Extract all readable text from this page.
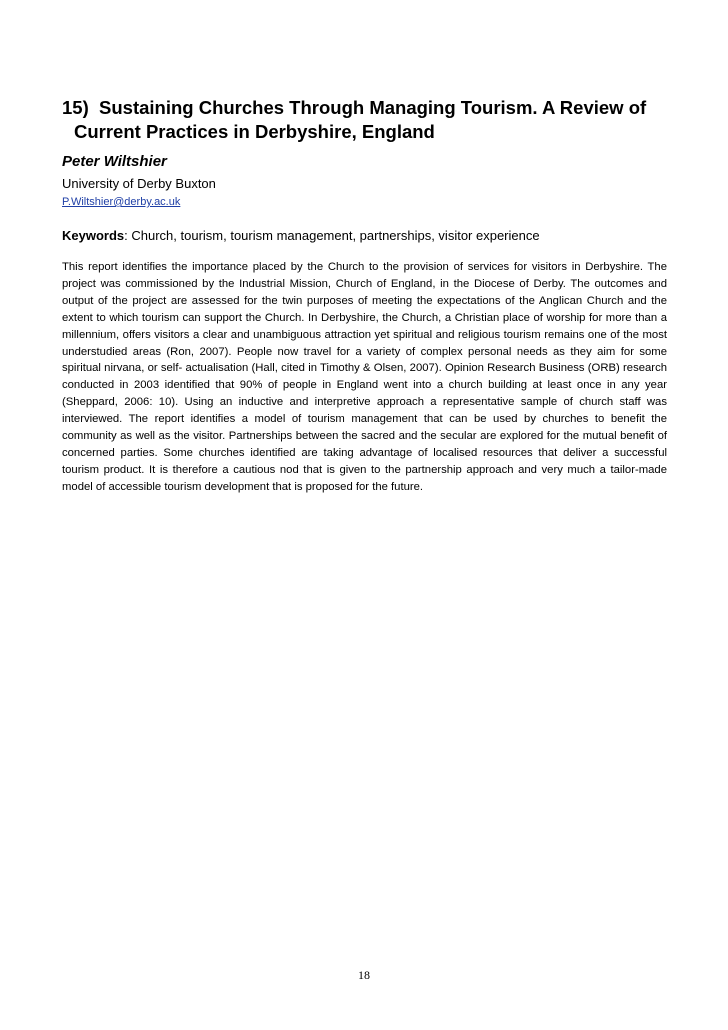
15)  Sustaining Churches Through Managing Tourism. A Review of Current Practices in Derbyshire, England
Peter Wiltshier
University of Derby Buxton
P.Wiltshier@derby.ac.uk
Keywords: Church, tourism, tourism management, partnerships, visitor experience

This report identifies the importance placed by the Church to the provision of services for visitors in Derbyshire. The project was commissioned by the Industrial Mission, Church of England, in the Diocese of Derby. The outcomes and output of the project are assessed for the twin purposes of meeting the expectations of the Anglican Church and the extent to which tourism can support the Church. In Derbyshire, the Church, a Christian place of worship for more than a millennium, offers visitors a clear and unambiguous attraction yet spiritual and religious tourism remains one of the most understudied areas (Ron, 2007). People now travel for a variety of complex personal needs as they aim for some spiritual nirvana, or self- actualisation (Hall, cited in Timothy & Olsen, 2007). Opinion Research Business (ORB) research conducted in 2003 identified that 90% of people in England went into a church building at least once in any year (Sheppard, 2006: 10). Using an inductive and interpretive approach a representative sample of church staff was interviewed. The report identifies a model of tourism management that can be used by churches to benefit the community as well as the visitor. Partnerships between the sacred and the secular are explored for the mutual benefit of concerned parties. Some churches identified are taking advantage of localised resources that deliver a successful tourism product. It is therefore a cautious nod that is given to the partnership approach and very much a tailor-made model of accessible tourism development that is proposed for the future.

18
